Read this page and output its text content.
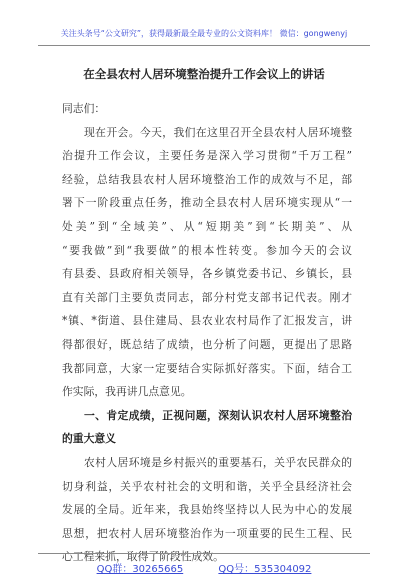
关注头条号“公文研究”，获得最新最全最专业的公文资料库！ 微信：gongwenyj
在全县农村人居环境整治提升工作会议上的讲话
同志们：
现在开会。今天，我们在这里召开全县农村人居环境整
治提升工作会议，主要任务是深入学习贯彻“千万工程”
经验，总结我县农村人居环境整治工作的成效与不足，部
署下一阶段重点任务，推动全县农村人居环境实现从“一
处美”到“全域美”、从“短期美”到“长期美”、从
“要我做”到“我要做”的根本性转变。参加今天的会议
有县委、县政府相关领导，各乡镇党委书记、乡镇长，县
直有关部门主要负责同志，部分村党支部书记代表。刚才
*镇、*街道、县住建局、县农业农村局作了汇报发言，讲
得都很好，既总结了成绩，也分析了问题，更提出了思路
我都同意，大家一定要结合实际抓好落实。下面，结合工
作实际，我再讲几点意见。
一、肯定成绩，正视问题，深刻认识农村人居环境整治
的重大意义
农村人居环境是乡村振兴的重要基石，关乎农民群众的
切身利益，关乎农村社会的文明和谐，关乎全县经济社会
发展的全局。近年来，我县始终坚持以人民为中心的发展
思想，把农村人居环境整治作为一项重要的民生工程、民
心工程来抓，取得了阶段性成效。
QQ群：30265665	QQ号：535304092
